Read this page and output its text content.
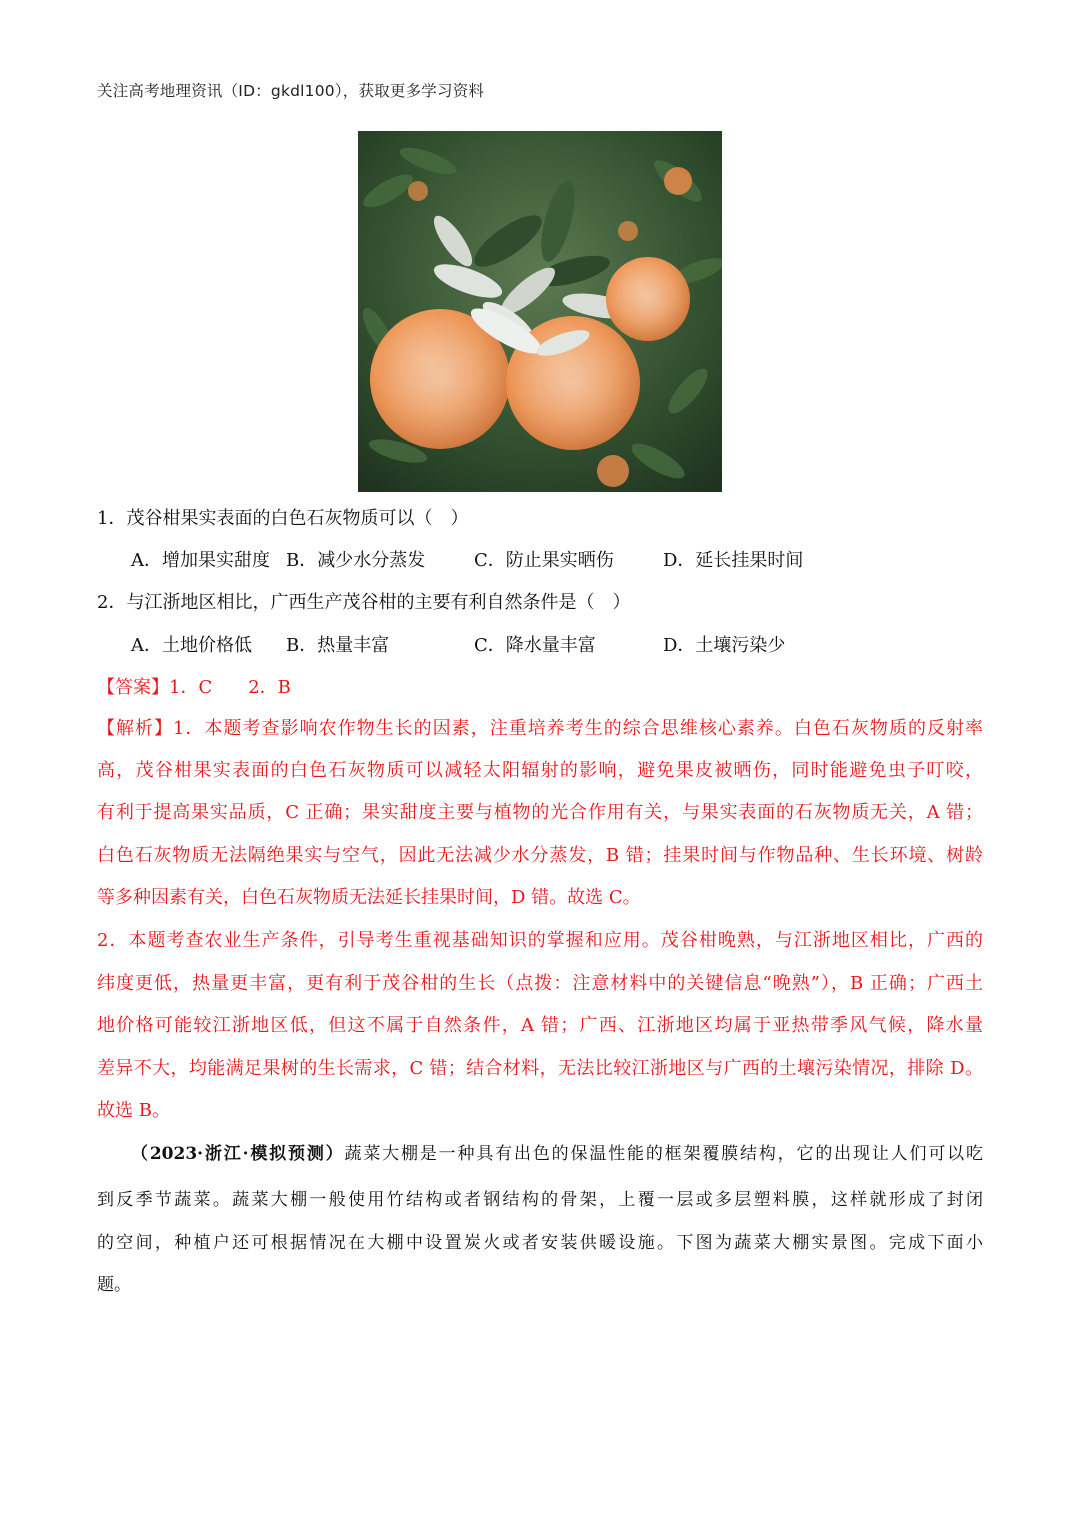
关注高考地理资讯（ID：gkdl100），获取更多学习资料
1．茂谷柑果实表面的白色石灰物质可以（　）
A．增加果实甜度 B．减少水分蒸发	C．防止果实晒伤	D．延长挂果时间
2．与江浙地区相比，广西生产茂谷柑的主要有利自然条件是（　）
A．土地价格低 B．热量丰富	C．降水量丰富	D．土壤污染少
【答案】1．C　　2．B
【解析】1．本题考查影响农作物生长的因素，注重培养考生的综合思维核心素养。白色石灰物质的反射率
高，茂谷柑果实表面的白色石灰物质可以减轻太阳辐射的影响，避免果皮被晒伤，同时能避免虫子叮咬，
有利于提高果实品质，C 正确；果实甜度主要与植物的光合作用有关，与果实表面的石灰物质无关，A 错；
白色石灰物质无法隔绝果实与空气，因此无法减少水分蒸发，B 错；挂果时间与作物品种、生长环境、树龄
等多种因素有关，白色石灰物质无法延长挂果时间，D 错。故选 C。
2．本题考查农业生产条件，引导考生重视基础知识的掌握和应用。茂谷柑晚熟，与江浙地区相比，广西的
纬度更低，热量更丰富，更有利于茂谷柑的生长（点拨：注意材料中的关键信息“晚熟”），B 正确；广西土
地价格可能较江浙地区低，但这不属于自然条件，A 错；广西、江浙地区均属于亚热带季风气候，降水量
差异不大，均能满足果树的生长需求，C 错；结合材料，无法比较江浙地区与广西的土壤污染情况，排除 D。
故选 B。
（2023·浙江·模拟预测）蔬菜大棚是一种具有出色的保温性能的框架覆膜结构，它的出现让人们可以吃
到反季节蔬菜。蔬菜大棚一般使用竹结构或者钢结构的骨架，上覆一层或多层塑料膜，这样就形成了封闭
的空间，种植户还可根据情况在大棚中设置炭火或者安装供暖设施。下图为蔬菜大棚实景图。完成下面小
题。
